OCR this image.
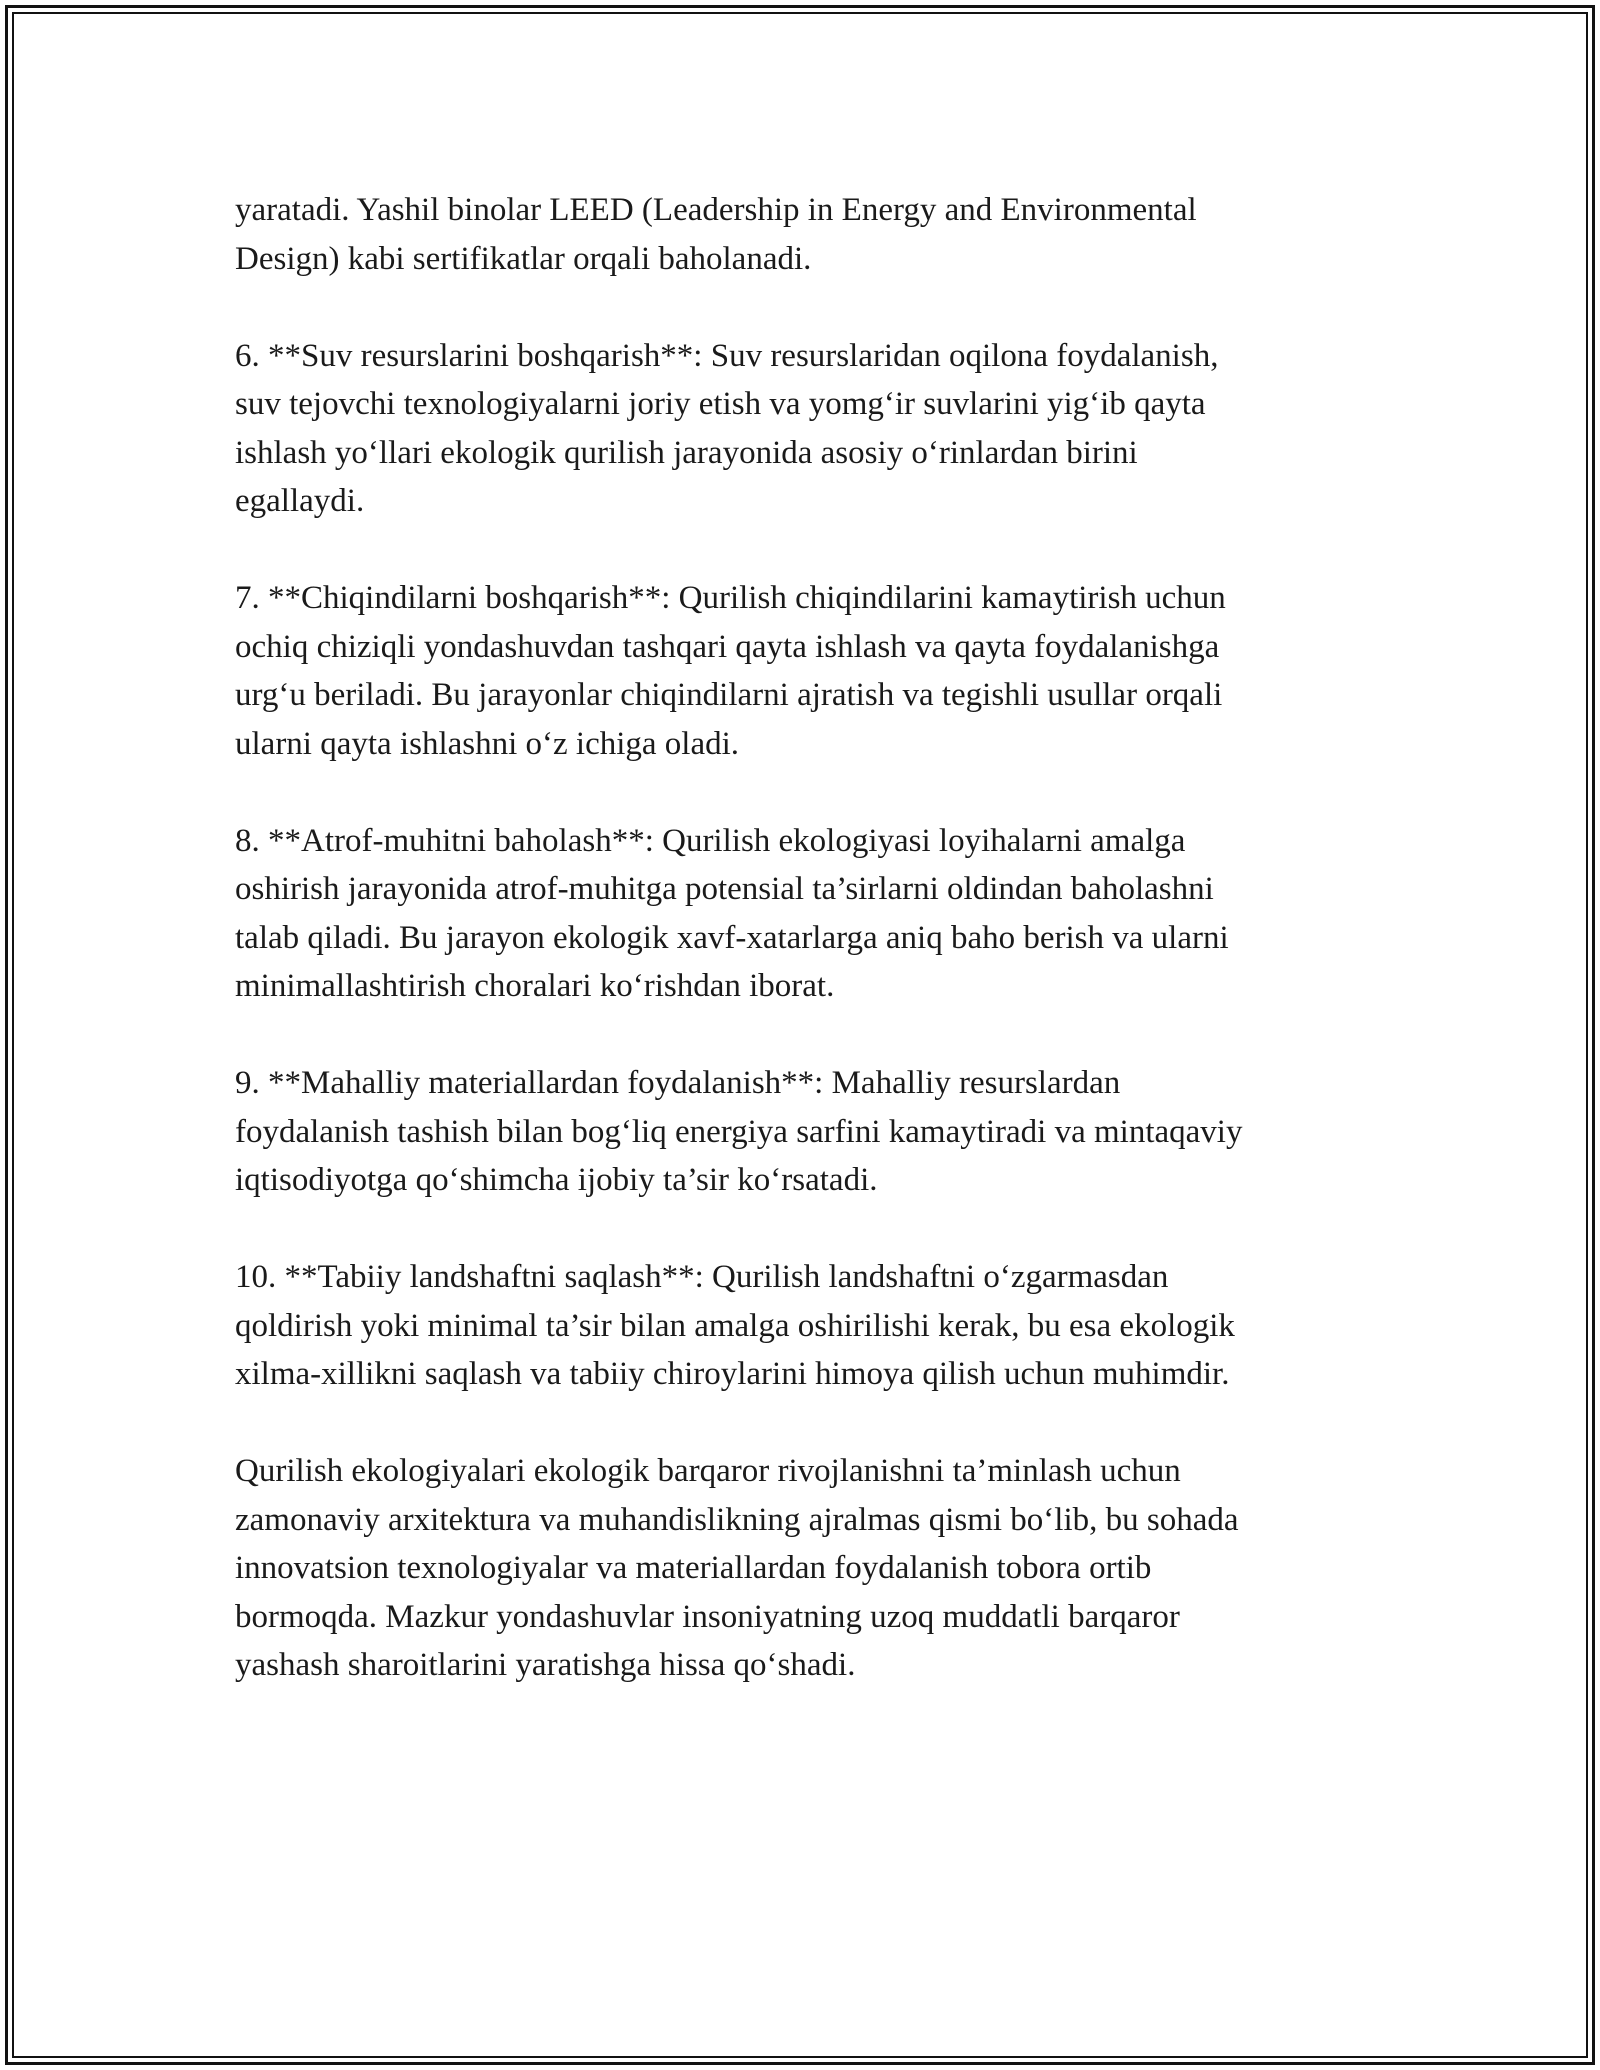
yaratadi. Yashil binolar LEED (Leadership in Energy and Environmental
Design) kabi sertifikatlar orqali baholanadi.

6. **Suv resurslarini boshqarish**: Suv resurslaridan oqilona foydalanish,
suv tejovchi texnologiyalarni joriy etish va yomg‘ir suvlarini yig‘ib qayta
ishlash yo‘llari ekologik qurilish jarayonida asosiy o‘rinlardan birini
egallaydi.

7. **Chiqindilarni boshqarish**: Qurilish chiqindilarini kamaytirish uchun
ochiq chiziqli yondashuvdan tashqari qayta ishlash va qayta foydalanishga
urg‘u beriladi. Bu jarayonlar chiqindilarni ajratish va tegishli usullar orqali
ularni qayta ishlashni o‘z ichiga oladi.

8. **Atrof-muhitni baholash**: Qurilish ekologiyasi loyihalarni amalga
oshirish jarayonida atrof-muhitga potensial ta’sirlarni oldindan baholashni
talab qiladi. Bu jarayon ekologik xavf-xatarlarga aniq baho berish va ularni
minimallashtirish choralari ko‘rishdan iborat.

9. **Mahalliy materiallardan foydalanish**: Mahalliy resurslardan
foydalanish tashish bilan bog‘liq energiya sarfini kamaytiradi va mintaqaviy
iqtisodiyotga qo‘shimcha ijobiy ta’sir ko‘rsatadi.

10. **Tabiiy landshaftni saqlash**: Qurilish landshaftni o‘zgarmasdan
qoldirish yoki minimal ta’sir bilan amalga oshirilishi kerak, bu esa ekologik
xilma-xillikni saqlash va tabiiy chiroylarini himoya qilish uchun muhimdir.

Qurilish ekologiyalari ekologik barqaror rivojlanishni ta’minlash uchun
zamonaviy arxitektura va muhandislikning ajralmas qismi bo‘lib, bu sohada
innovatsion texnologiyalar va materiallardan foydalanish tobora ortib
bormoqda. Mazkur yondashuvlar insoniyatning uzoq muddatli barqaror
yashash sharoitlarini yaratishga hissa qo‘shadi.
